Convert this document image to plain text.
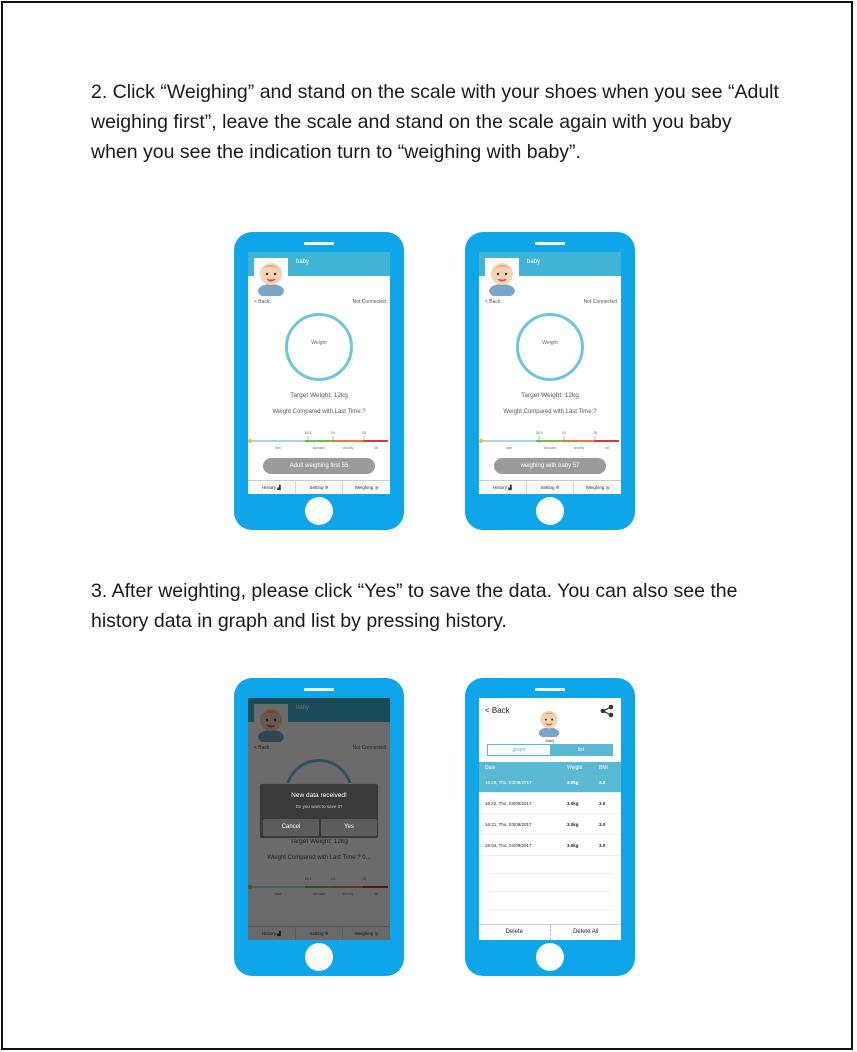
2. Click “Weighing” and stand on the scale with your shoes when you see “Adult weighing first”, leave the scale and stand on the scale again with you baby when you see the indication turn to “weighing with baby”.

baby
< Back	Not Connected
Weight
Target Weight: 12kg
Weight Compared with Last Time:?
18.5	24	28
lean	standard	chubby	fat
Adult weighing first 55
History ▟	Setting ✲	Weighing ◎
baby
< Back	Not Connected
Weight
Target Weight: 12kg
Weight Compared with Last Time:?
18.5	24	28
lean	standard	chubby	fat
weighing with baby 57
History ▟	Setting ✲	Weighing ◎

3. After weighting, please click “Yes” to save the data. You can also see the history data in graph and list by pressing history.

New data received!
Do you want to save it?
Cancel	Yes
< Back
baby
graph	list
Date	Weight	BMI
16:28, Thu, 03/09/2017	3.0kg	3.0
16:22, Thu, 03/09/2017	3.0kg	3.0
16:21, Thu, 03/09/2017	3.0kg	3.0
16:04, Thu, 03/09/2017	3.0kg	3.0
Delete	Delete All
